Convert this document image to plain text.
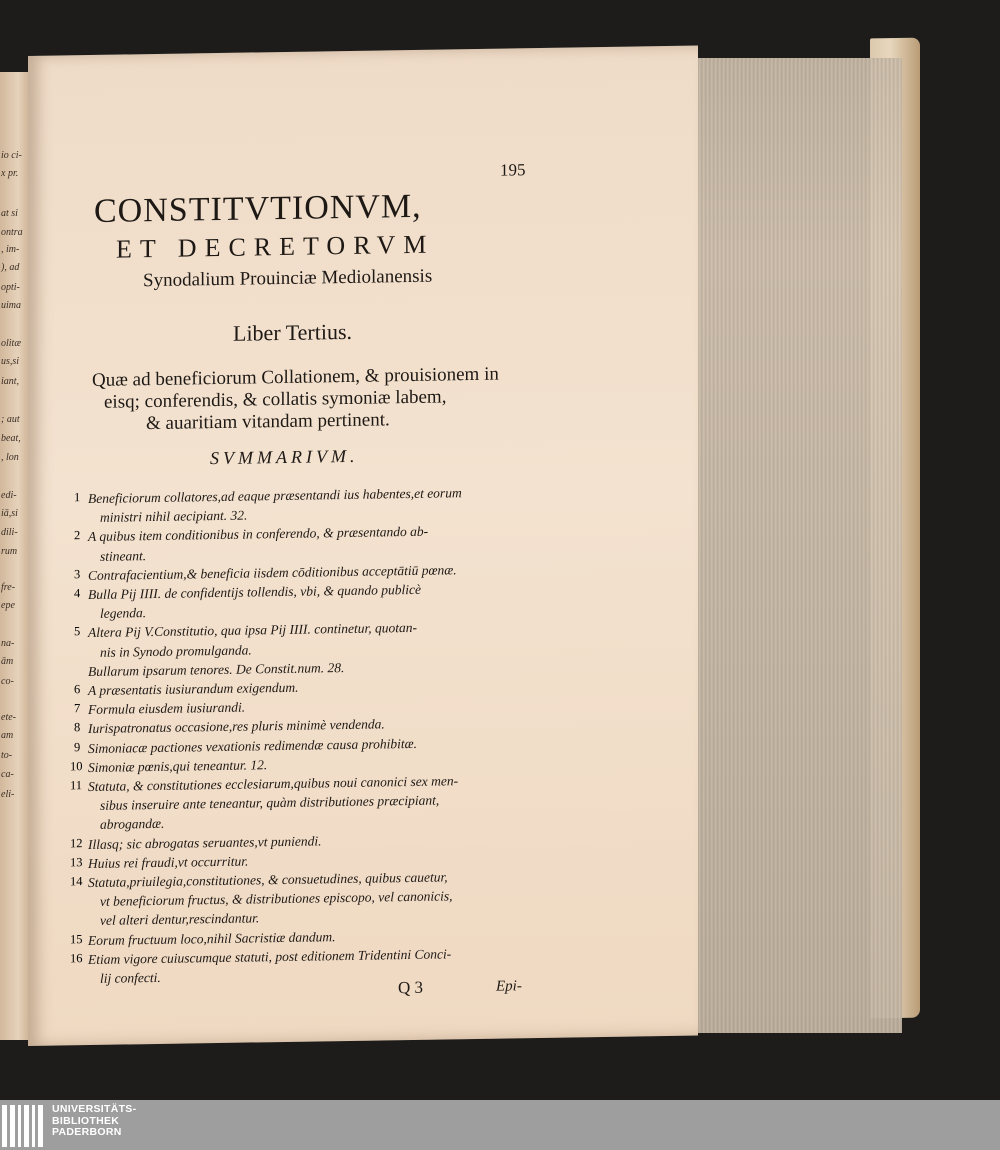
io ci-
x pr.
at si
ontra
, im-
), ad
opti-
uima
olitæ
us,si
iant,
; aut
beat,
, lon
edi-
iā,si
dili-
rum
fre-
epe
na-
ām
co-
ete-
am
to-
ca-
eli-
195
CONSTITVTIONVM,
ET DECRETORVM
Synodalium Prouinciæ Mediolanensis
Liber Tertius.
Quæ ad beneficiorum Collationem, & prouisionem in
eisq; conferendis, & collatis symoniæ labem,
& auaritiam vitandam pertinent.
SVMMARIVM.
1 Beneficiorum collatores,ad eaque præsentandi ius habentes,et eorum
ministri nihil aecipiant. 32.
2 A quibus item conditionibus in conferendo, & præsentando ab-
stineant.
3 Contrafacientium,& beneficia iisdem cōditionibus acceptātiū pœnæ.
4 Bulla Pij IIII. de confidentijs tollendis, vbi, & quando publicè
legenda.
5 Altera Pij V.Constitutio, qua ipsa Pij IIII. continetur, quotan-
nis in Synodo promulganda.
Bullarum ipsarum tenores. De Constit.num. 28.
6 A præsentatis iusiurandum exigendum.
7 Formula eiusdem iusiurandi.
8 Iurispatronatus occasione,res pluris minimè vendenda.
9 Simoniacæ pactiones vexationis redimendæ causa prohibitæ.
10 Simoniæ pœnis,qui teneantur. 12.
11 Statuta, & constitutiones ecclesiarum,quibus noui canonici sex men-
sibus inseruire ante teneantur, quàm distributiones præcipiant,
abrogandæ.
12 Illasq; sic abrogatas seruantes,vt puniendi.
13 Huius rei fraudi,vt occurritur.
14 Statuta,priuilegia,constitutiones, & consuetudines, quibus cauetur,
vt beneficiorum fructus, & distributiones episcopo, vel canonicis,
vel alteri dentur,rescindantur.
15 Eorum fructuum loco,nihil Sacristiæ dandum.
16 Etiam vigore cuiuscumque statuti, post editionem Tridentini Conci-
lij confecti.	Q 3	Epi-
UNIVERSITÄTS-
BIBLIOTHEK
PADERBORN
